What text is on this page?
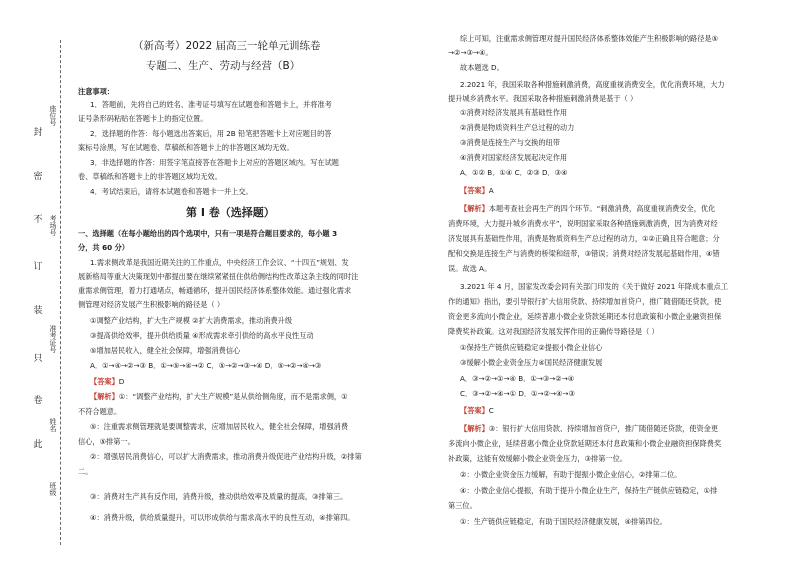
封
密
不
订
装
只
卷
此
座位号
考场号
准考证号
姓名
班级
（新高考）2022 届高三一轮单元训练卷
专题二、生产、劳动与经营（B）
注意事项：
1．答题前，先将自己的姓名、准考证号填写在试题卷和答题卡上，并将准考
证号条形码粘贴在答题卡上的指定位置。
2．选择题的作答：每小题选出答案后，用 2B 铅笔把答题卡上对应题目的答
案标号涂黑，写在试题卷、草稿纸和答题卡上的非答题区域均无效。
3．非选择题的作答：用签字笔直接答在答题卡上对应的答题区域内。写在试题
卷、草稿纸和答题卡上的非答题区域均无效。
4．考试结束后，请将本试题卷和答题卡一并上交。
第 I 卷（选择题）
一、选择题（在每小题给出的四个选项中，只有一项是符合题目要求的，每小题 3
分，共 60 分）
1.需求侧改革是我国近期关注的工作重点，中央经济工作会议、“十四五”规划、发
展新格局等重大决策现划中都提出要在继续紧紧扭住供给侧结构性改革这条主线的同时注
重需求侧管理，着力打通堵点，畅通循环，提升国民经济体系整体效能。通过强化需求
侧管理对经济发展产生积极影响的路径是（ ）
①调整产业结构，扩大生产规模 ②扩大消费需求，推动消费升级
③提高供给效率，提升供给质量 ④形成需求牵引供给的高水平良性互动
⑤增加居民收入，健全社会保障，增强消费信心
A．①→④→②→③ B．①→⑤→④→② C．⑤→②→③→④ D．⑤→②→④→③
【答案】D
【解析】①：“调整产业结构，扩大生产规模”是从供给侧角度，而不是需求侧，①
不符合题意。
⑤：注重需求侧管理就是要调整需求，应增加居民收入，健全社会保障，增强消费
信心，⑤排第一。
②：增强居民消费信心，可以扩大消费需求，推动消费升级促进产业结构升级，②排第
二。
③：消费对生产具有反作用，消费升级，推动供给效率及质量的提高，③排第三。
④：消费升级，供给质量提升，可以形成供给与需求高水平的良性互动，④排第四。
综上可知，注重需求侧管理对提升国民经济体系整体效能产生积极影响的路径是⑤
→②→③→④。
故本题选 D。
2.2021 年，我国采取各种措施刺激消费，高度重视消费安全，优化消费环境，大力
提升城乡消费水平。我国采取各种措施刺激消费是基于（ ）
①消费对经济发展具有基础性作用
②消费是物质资料生产总过程的动力
③消费是连接生产与交换的纽带
④消费对国家经济发展起决定作用
A．①② B．①④ C．②③ D．③④
【答案】A
【解析】本题考查社会再生产的四个环节。“刺激消费，高度重视消费安全，优化
消费环境，大力提升城乡消费水平”，说明国家采取各种措施刺激消费，因为消费对经
济发展具有基础性作用，消费是物质资料生产总过程的动力，①②正确且符合题意；分
配和交换是连接生产与消费的桥梁和纽带，③错误；消费对经济发展起基础作用，④错
误。故选 A。
3.2021 年 4 月，国家发改委会同有关部门印发的《关于做好 2021 年降成本重点工
作的通知》指出，要引导银行扩大信用贷款、持续增加首贷户，推广随借随还贷款，使
资金更多流向小微企业，延续普惠小微企业贷款延期还本付息政策和小微企业融资担保
降费奖补政策。这对我国经济发展发挥作用的正确传导路径是（ ）
①保持生产链供应链稳定②提振小微企业信心
③缓解小微企业资金压力④国民经济健康发展
A．③→②→①→④ B．①→③→②→④
C．③→②→④→① D．①→②→④→③
【答案】C
【解析】③：银行扩大信用贷款、持续增加首贷户，推广随借随还贷款，使资金更
多流向小微企业，延续普惠小微企业贷款延期还本付息政策和小微企业融资担保降费奖
补政策，这能有效缓解小微企业资金压力，③排第一位。
②：小微企业资金压力缓解，有助于提振小微企业信心，②排第二位。
④：小微企业信心提振，有助于提升小微企业生产，保持生产链供应链稳定，①排
第三位。
①：生产链供应链稳定，有助于国民经济健康发展，④排第四位。
